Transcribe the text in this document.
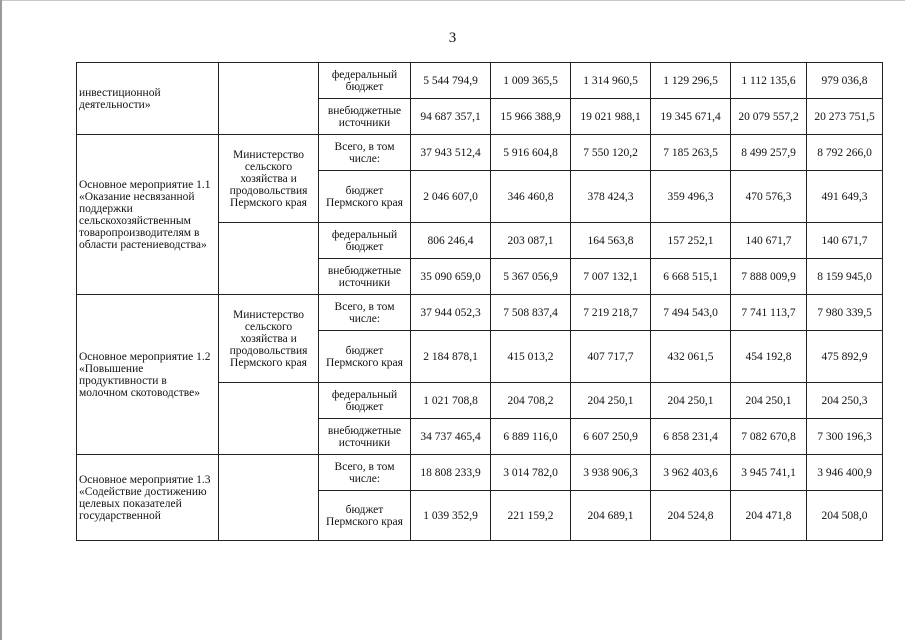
3
инвестиционной деятельности»		федеральный бюджет	5 544 794,9	1 009 365,5	1 314 960,5	1 129 296,5	1 112 135,6	979 036,8
		внебюджетные источники	94 687 357,1	15 966 388,9	19 021 988,1	19 345 671,4	20 079 557,2	20 273 751,5
Основное мероприятие 1.1 «Оказание несвязанной поддержки сельскохозяйственным товаропроизводителям в области растениеводства»	Министерство сельского хозяйства и продовольствия Пермского края	Всего, в том числе:	37 943 512,4	5 916 604,8	7 550 120,2	7 185 263,5	8 499 257,9	8 792 266,0
		бюджет Пермского края	2 046 607,0	346 460,8	378 424,3	359 496,3	470 576,3	491 649,3
		федеральный бюджет	806 246,4	203 087,1	164 563,8	157 252,1	140 671,7	140 671,7
		внебюджетные источники	35 090 659,0	5 367 056,9	7 007 132,1	6 668 515,1	7 888 009,9	8 159 945,0
Основное мероприятие 1.2 «Повышение продуктивности в молочном скотоводстве»	Министерство сельского хозяйства и продовольствия Пермского края	Всего, в том числе:	37 944 052,3	7 508 837,4	7 219 218,7	7 494 543,0	7 741 113,7	7 980 339,5
		бюджет Пермского края	2 184 878,1	415 013,2	407 717,7	432 061,5	454 192,8	475 892,9
		федеральный бюджет	1 021 708,8	204 708,2	204 250,1	204 250,1	204 250,1	204 250,3
		внебюджетные источники	34 737 465,4	6 889 116,0	6 607 250,9	6 858 231,4	7 082 670,8	7 300 196,3
Основное мероприятие 1.3 «Содействие достижению целевых показателей государственной		Всего, в том числе:	18 808 233,9	3 014 782,0	3 938 906,3	3 962 403,6	3 945 741,1	3 946 400,9
		бюджет Пермского края	1 039 352,9	221 159,2	204 689,1	204 524,8	204 471,8	204 508,0
